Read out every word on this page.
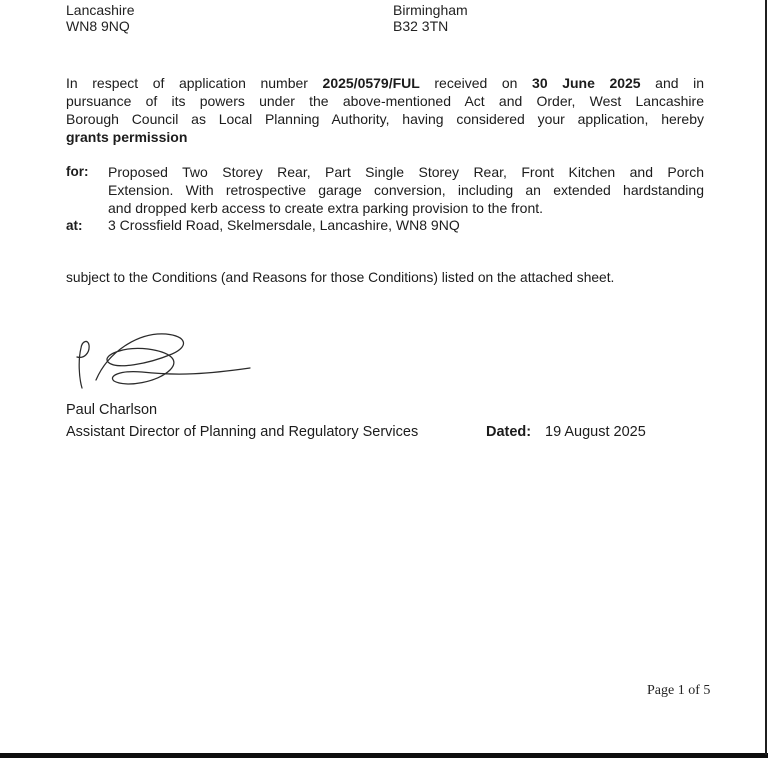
Lancashire
WN8 9NQ
Birmingham
B32 3TN
In respect of application number 2025/0579/FUL received on 30 June 2025 and in
pursuance of its powers under the above-mentioned Act and Order, West Lancashire
Borough Council as Local Planning Authority, having considered your application, hereby
grants permission
for: Proposed Two Storey Rear, Part Single Storey Rear, Front Kitchen and Porch
Extension. With retrospective garage conversion, including an extended hardstanding
and dropped kerb access to create extra parking provision to the front.
at: 3 Crossfield Road, Skelmersdale, Lancashire, WN8 9NQ
subject to the Conditions (and Reasons for those Conditions) listed on the attached sheet.
Paul Charlson
Assistant Director of Planning and Regulatory Services	Dated: 19 August 2025
Page 1 of 5
